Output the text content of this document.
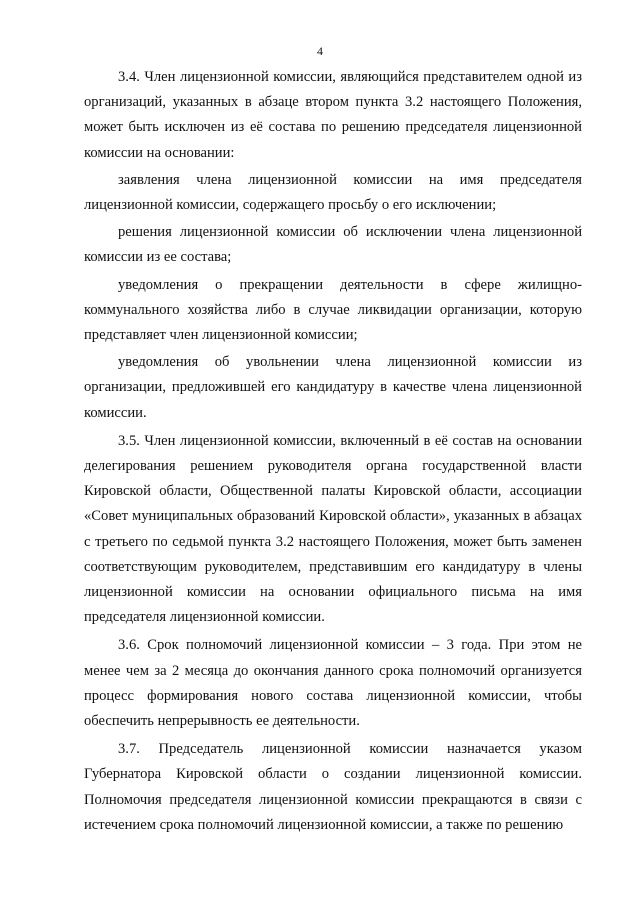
4

3.4. Член лицензионной комиссии, являющийся представителем одной из организаций, указанных в абзаце втором пункта 3.2 настоящего Положения, может быть исключен из её состава по решению председателя лицензионной комиссии на основании:

заявления члена лицензионной комиссии на имя председателя лицензионной комиссии, содержащего просьбу о его исключении;

решения лицензионной комиссии об исключении члена лицензионной комиссии из ее состава;

уведомления о прекращении деятельности в сфере жилищно-коммунального хозяйства либо в случае ликвидации организации, которую представляет член лицензионной комиссии;

уведомления об увольнении члена лицензионной комиссии из организации, предложившей его кандидатуру в качестве члена лицензионной комиссии.

3.5. Член лицензионной комиссии, включенный в её состав на основании делегирования решением руководителя органа государственной власти Кировской области, Общественной палаты Кировской области, ассоциации «Совет муниципальных образований Кировской области», указанных в абзацах с третьего по седьмой пункта 3.2 настоящего Положения, может быть заменен соответствующим руководителем, представившим его кандидатуру в члены лицензионной комиссии на основании официального письма на имя председателя лицензионной комиссии.

3.6. Срок полномочий лицензионной комиссии – 3 года. При этом не менее чем за 2 месяца до окончания данного срока полномочий организуется процесс формирования нового состава лицензионной комиссии, чтобы обеспечить непрерывность ее деятельности.

3.7. Председатель лицензионной комиссии назначается указом Губернатора Кировской области о создании лицензионной комиссии. Полномочия председателя лицензионной комиссии прекращаются в связи с истечением срока полномочий лицензионной комиссии, а также по решению
